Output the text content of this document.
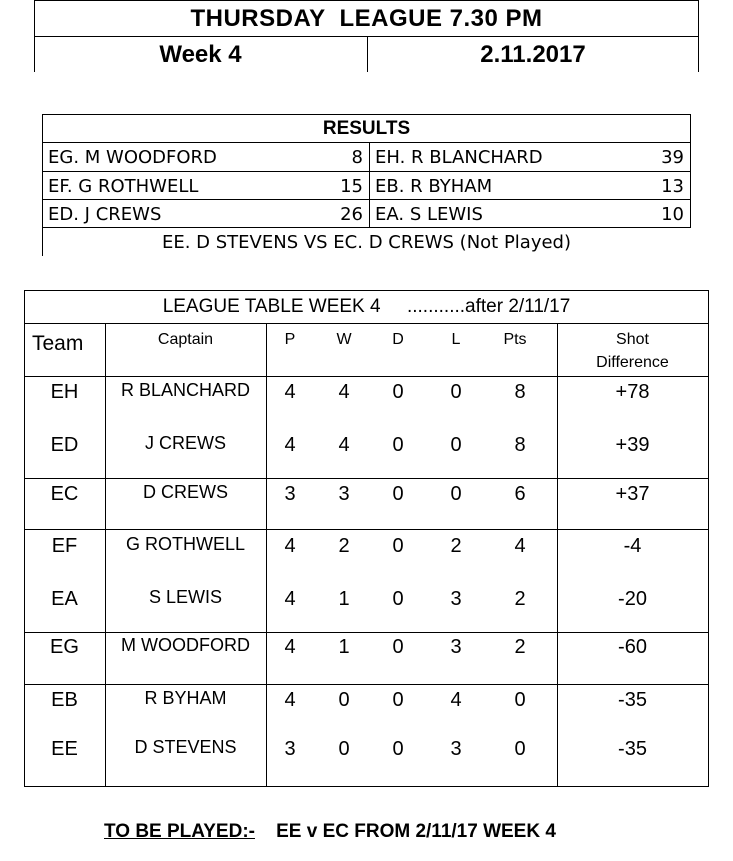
THURSDAY  LEAGUE 7.30 PM
Week 4	2.11.2017
RESULTS
EG. M WOODFORD	8 EH. R BLANCHARD	39
EF. G ROTHWELL	15 EB. R BYHAM	13
ED. J CREWS	26 EA. S LEWIS	10
EE. D STEVENS VS EC. D CREWS (Not Played)
LEAGUE TABLE WEEK 4     ...........after 2/11/17
Team	Captain	P	W	D	L	Pts	Shot
Difference
EH	R BLANCHARD	4	4	0	0	8	+78
ED	J CREWS	4	4	0	0	8	+39
EC	D CREWS	3	3	0	0	6	+37
EF	G ROTHWELL	4	2	0	2	4	-4
EA	S LEWIS	4	1	0	3	2	-20
EG	M WOODFORD	4	1	0	3	2	-60
EB	R BYHAM	4	0	0	4	0	-35
EE	D STEVENS	3	0	0	3	0	-35
TO BE PLAYED:- EE v EC FROM 2/11/17 WEEK 4
